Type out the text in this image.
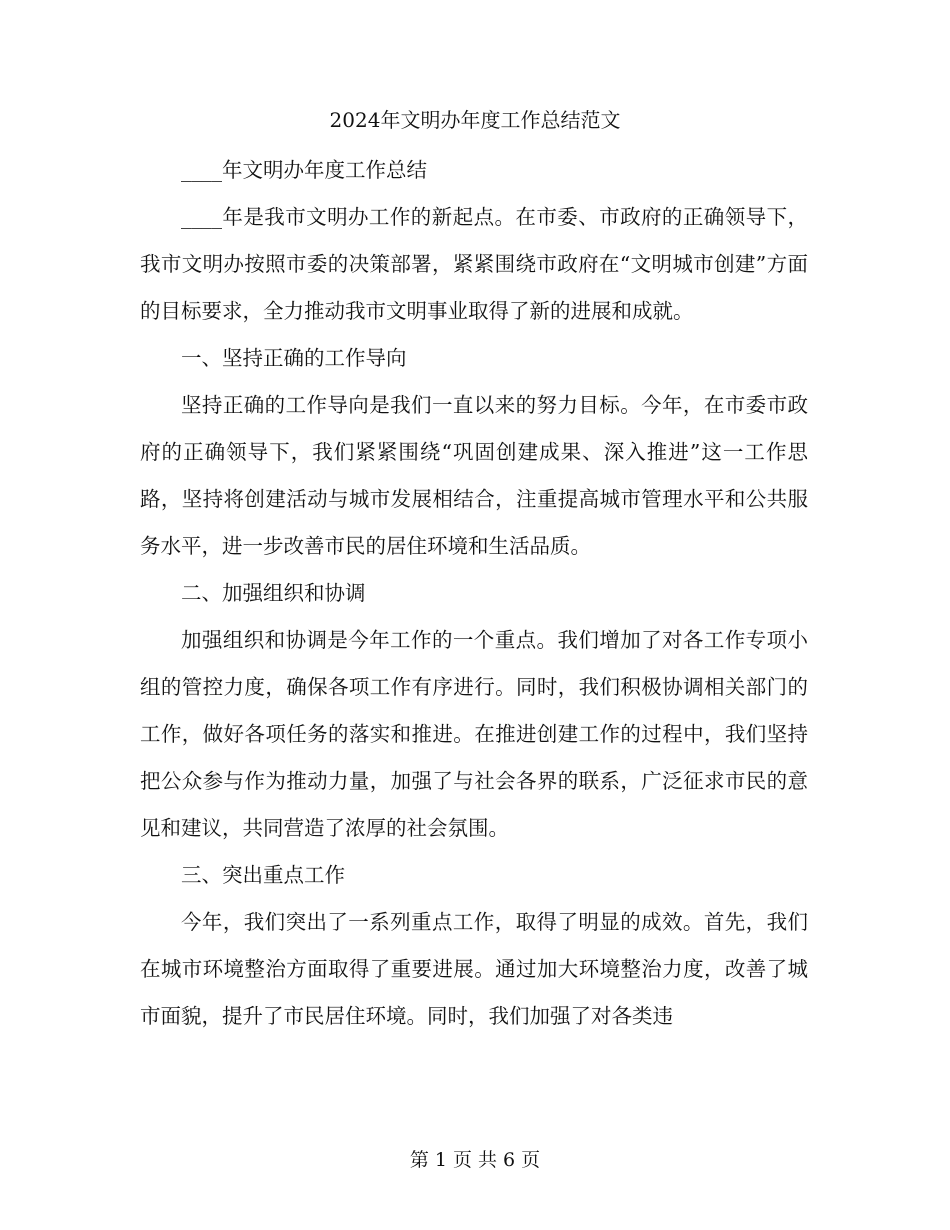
2024年文明办年度工作总结范文

____年文明办年度工作总结

____年是我市文明办工作的新起点。在市委、市政府的正确领导下，我市文明办按照市委的决策部署，紧紧围绕市政府在“文明城市创建”方面的目标要求，全力推动我市文明事业取得了新的进展和成就。

一、坚持正确的工作导向

坚持正确的工作导向是我们一直以来的努力目标。今年，在市委市政府的正确领导下，我们紧紧围绕“巩固创建成果、深入推进”这一工作思路，坚持将创建活动与城市发展相结合，注重提高城市管理水平和公共服务水平，进一步改善市民的居住环境和生活品质。

二、加强组织和协调

加强组织和协调是今年工作的一个重点。我们增加了对各工作专项小组的管控力度，确保各项工作有序进行。同时，我们积极协调相关部门的工作，做好各项任务的落实和推进。在推进创建工作的过程中，我们坚持把公众参与作为推动力量，加强了与社会各界的联系，广泛征求市民的意见和建议，共同营造了浓厚的社会氛围。

三、突出重点工作

今年，我们突出了一系列重点工作，取得了明显的成效。首先，我们在城市环境整治方面取得了重要进展。通过加大环境整治力度，改善了城市面貌，提升了市民居住环境。同时，我们加强了对各类违

第 1 页 共 6 页
